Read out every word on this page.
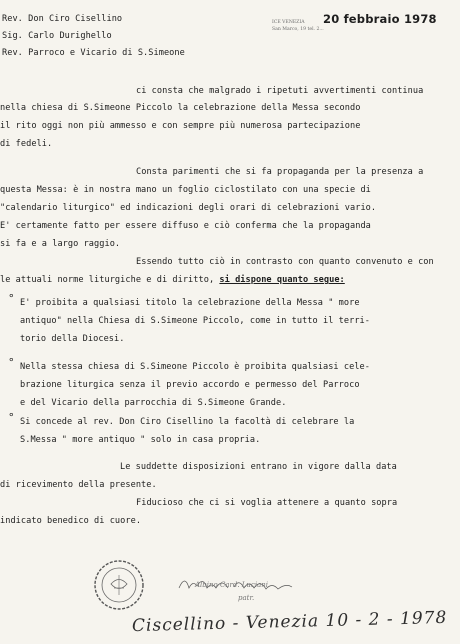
Rev. Don Ciro Cisellino
Sig. Carlo Durighello
Rev. Parroco e Vicario di S.Simeone
ICE VENEZIA
San Marco, 19 tel. 2...
20 febbraio 1978
ci consta che malgrado i ripetuti avvertimenti continua
nella chiesa di S.Simeone Piccolo la celebrazione della Messa secondo
il rito oggi non più ammesso e con sempre più numerosa partecipazione
di fedeli.
Consta parimenti che si fa propaganda per la presenza a
questa Messa: è in nostra mano un foglio ciclostilato con una specie di
"calendario liturgico" ed indicazioni degli orari di celebrazioni vario.
E' certamente fatto per essere diffuso e ciò conferma che la propaganda
si fa e a largo raggio.
Essendo tutto ciò in contrasto con quanto convenuto e con
le attuali norme liturgiche e di diritto, si dispone quanto segue:
° E' proibita a qualsiasi titolo la celebrazione della Messa " more
antiquo" nella Chiesa di S.Simeone Piccolo, come in tutto il terri-
torio della Diocesi.
° Nella stessa chiesa di S.Simeone Piccolo è proibita qualsiasi cele-
brazione liturgica senza il previo accordo e permesso del Parroco
e del Vicario della parrocchia di S.Simeone Grande.
° Si concede al rev. Don Ciro Cisellino la facoltà di celebrare la
S.Messa " more antiquo " solo in casa propria.
Le suddette disposizioni entrano in vigore dalla data
di ricevimento della presente.
Fiducioso che ci si voglia attenere a quanto sopra
indicato benedico di cuore.
Albino Card. Luciani
patr.
Ciscellino - Venezia 10 - 2 - 1978
